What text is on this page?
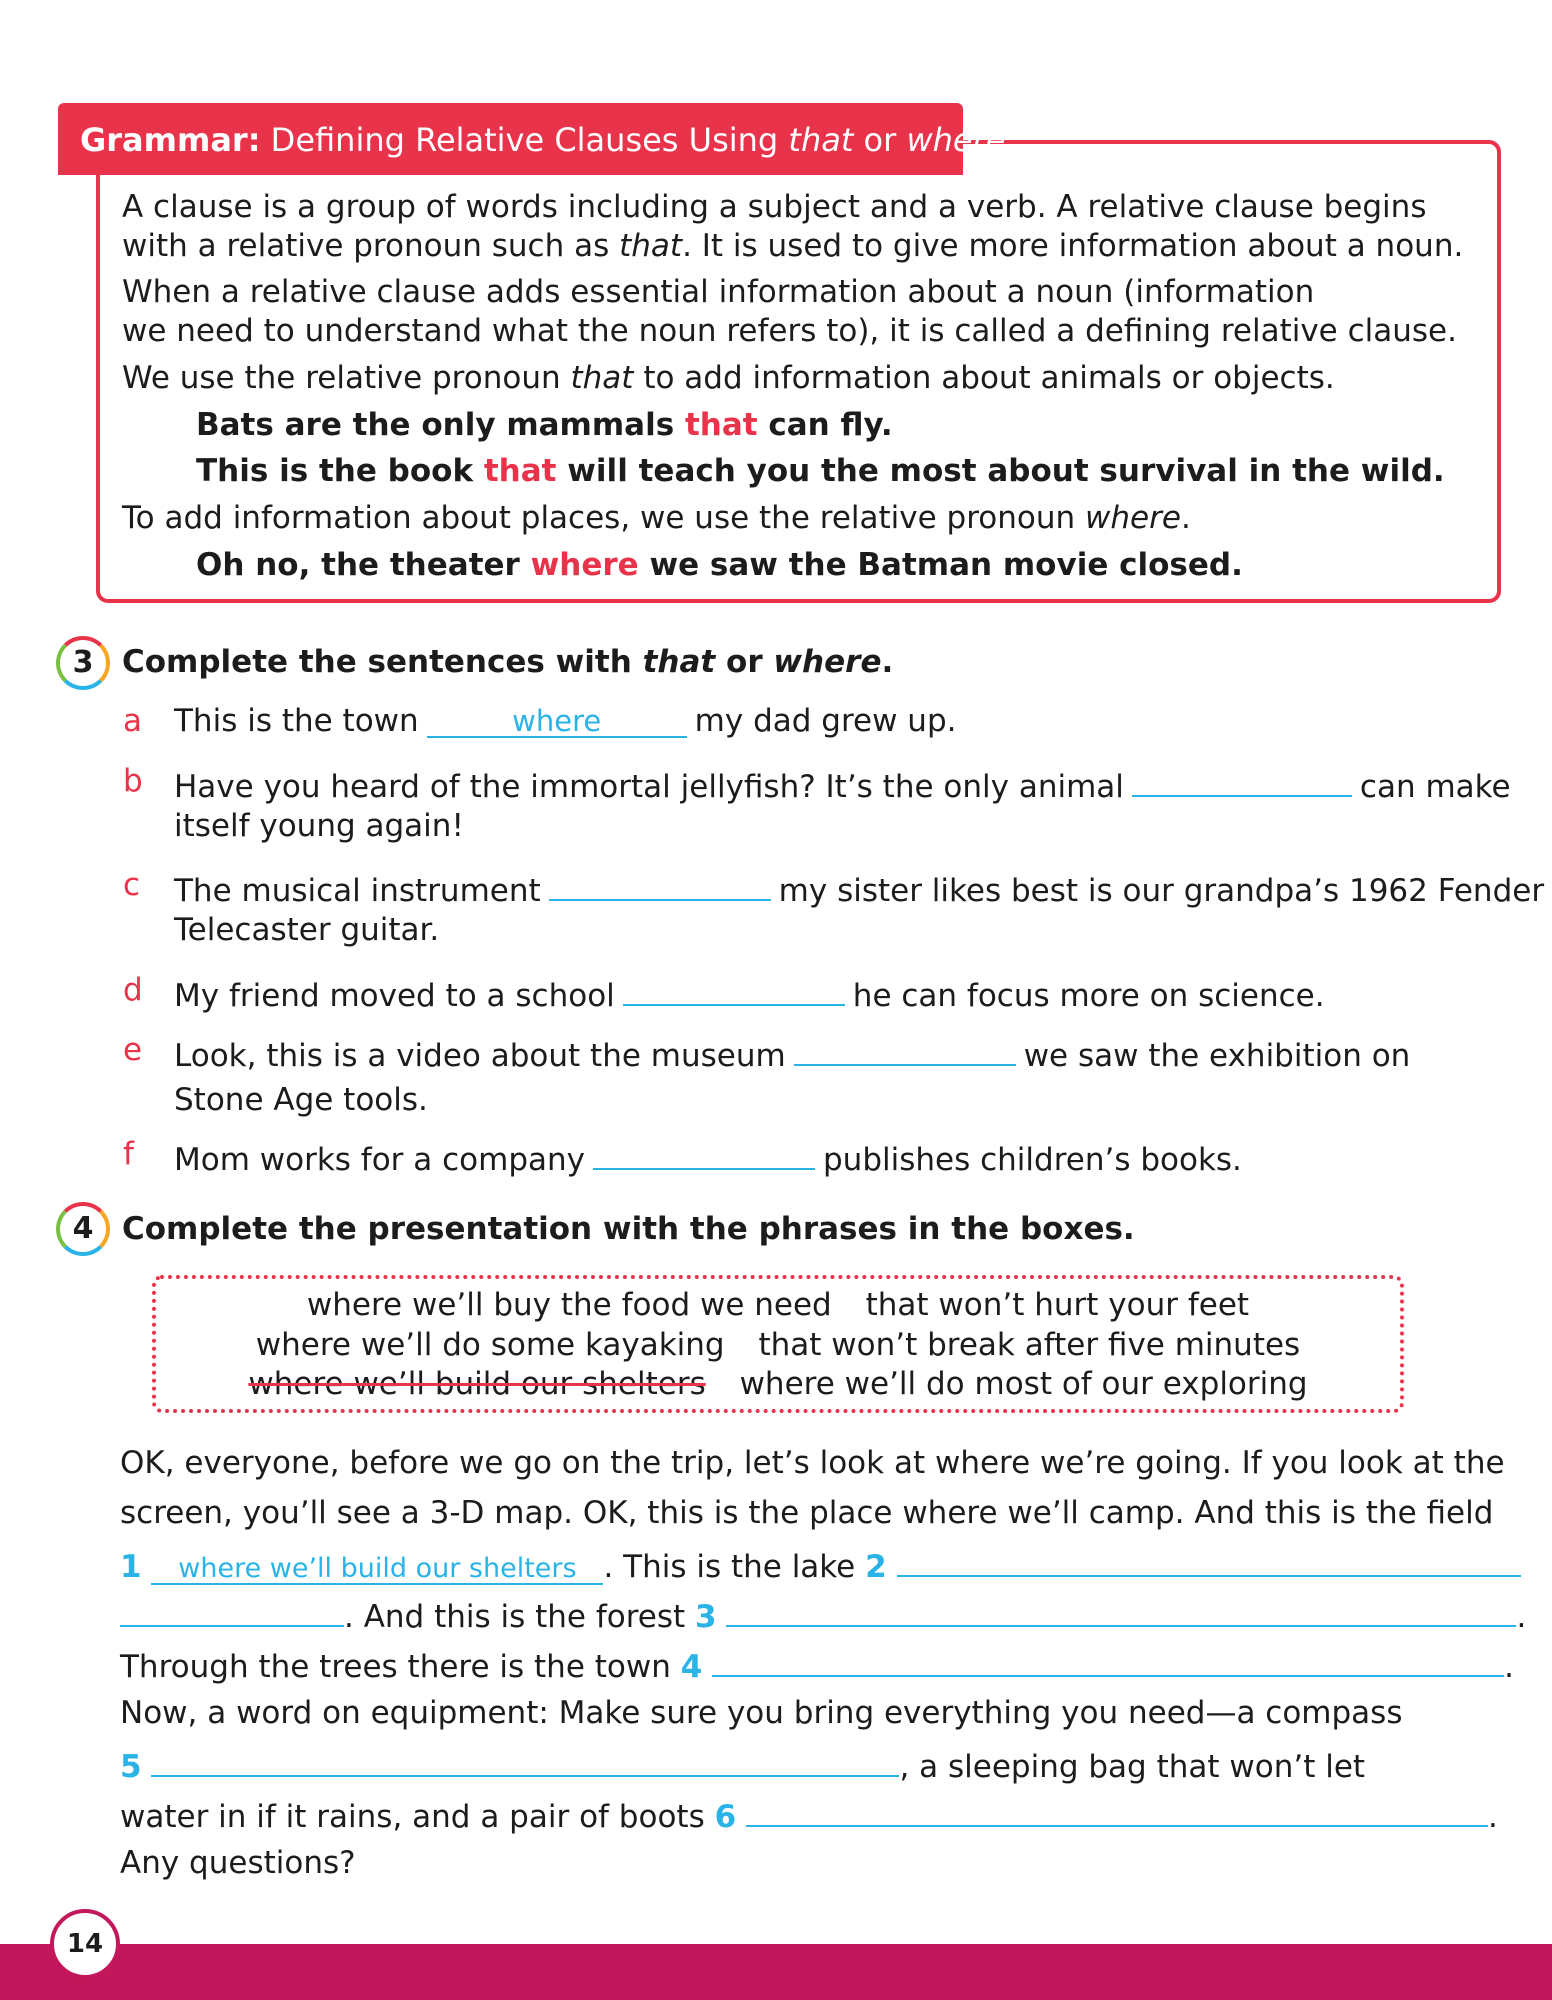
Grammar: Defining Relative Clauses Using that or where
A clause is a group of words including a subject and a verb. A relative clause begins
with a relative pronoun such as that. It is used to give more information about a noun.
When a relative clause adds essential information about a noun (information
we need to understand what the noun refers to), it is called a defining relative clause.
We use the relative pronoun that to add information about animals or objects.
Bats are the only mammals that can fly.
This is the book that will teach you the most about survival in the wild.
To add information about places, we use the relative pronoun where.
Oh no, the theater where we saw the Batman movie closed.
3 Complete the sentences with that or where.
a This is the town	where	my dad grew up.
b Have you heard of the immortal jellyfish? It’s the only animal	can make
itself young again!
c The musical instrument	my sister likes best is our grandpa’s 1962 Fender
Telecaster guitar.
d My friend moved to a school	he can focus more on science.
e Look, this is a video about the museum	we saw the exhibition on
Stone Age tools.
f Mom works for a company	publishes children’s books.
4 Complete the presentation with the phrases in the boxes.
where we’ll buy the food we need that won’t hurt your feet
where we’ll do some kayaking that won’t break after five minutes
where we’ll build our shelters where we’ll do most of our exploring
OK, everyone, before we go on the trip, let’s look at where we’re going. If you look at the
screen, you’ll see a 3-D map. OK, this is the place where we’ll camp. And this is the field
1 where we’ll build our shelters . This is the lake 2
. And this is the forest 3	.
Through the trees there is the town 4	.
Now, a word on equipment: Make sure you bring everything you need—a compass
5	, a sleeping bag that won’t let
water in if it rains, and a pair of boots 6	.
Any questions?
14
